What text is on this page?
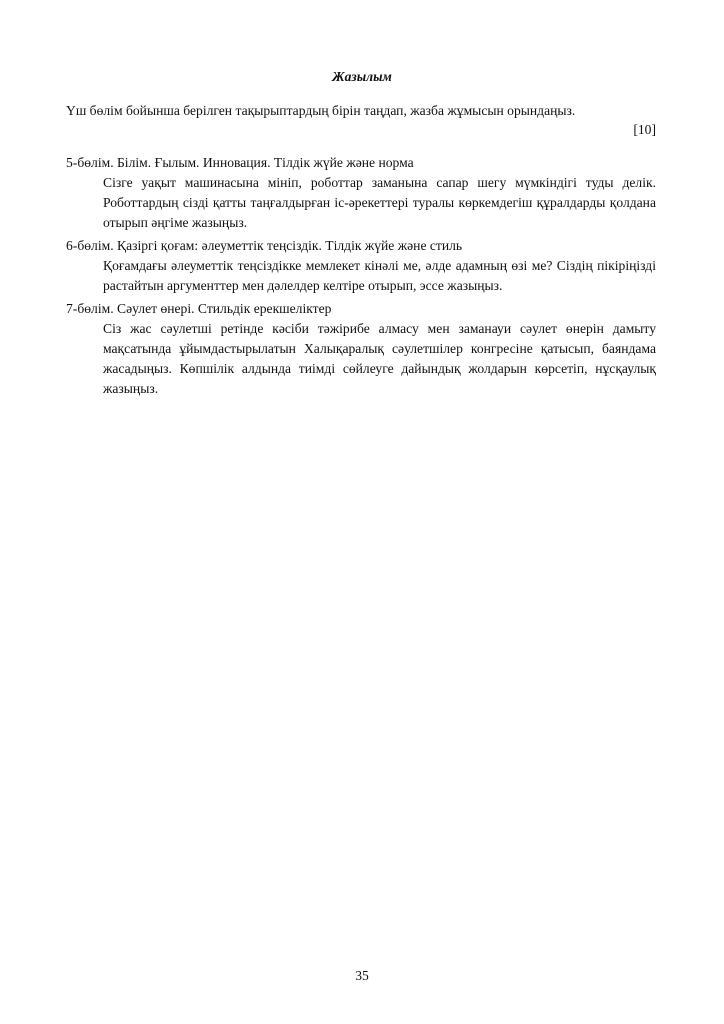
Жазылым
Үш бөлім бойынша берілген тақырыптардың бірін таңдап, жазба жұмысын орындаңыз.
[10]

5-бөлім. Білім. Ғылым. Инновация. Тілдік жүйе және норма

Сізге уақыт машинасына мініп, роботтар заманына сапар шегу мүмкіндігі туды делік. Роботтардың сізді қатты таңғалдырған іс-әрекеттері туралы көркемдегіш құралдарды қолдана отырып әңгіме жазыңыз.

6-бөлім. Қазіргі қоғам: әлеуметтік теңсіздік. Тілдік жүйе және стиль

Қоғамдағы әлеуметтік теңсіздікке мемлекет кінәлі ме, әлде адамның өзі ме? Сіздің пікіріңізді растайтын аргументтер мен дәлелдер келтіре отырып, эссе жазыңыз.

7-бөлім. Сәулет өнері. Стильдік ерекшеліктер

Сіз жас сәулетші ретінде кәсіби тәжірибе алмасу мен заманауи сәулет өнерін дамыту мақсатында ұйымдастырылатын Халықаралық сәулетшілер конгресіне қатысып, баяндама жасадыңыз. Көпшілік алдында тиімді сөйлеуге дайындық жолдарын көрсетіп, нұсқаулық жазыңыз.

35
